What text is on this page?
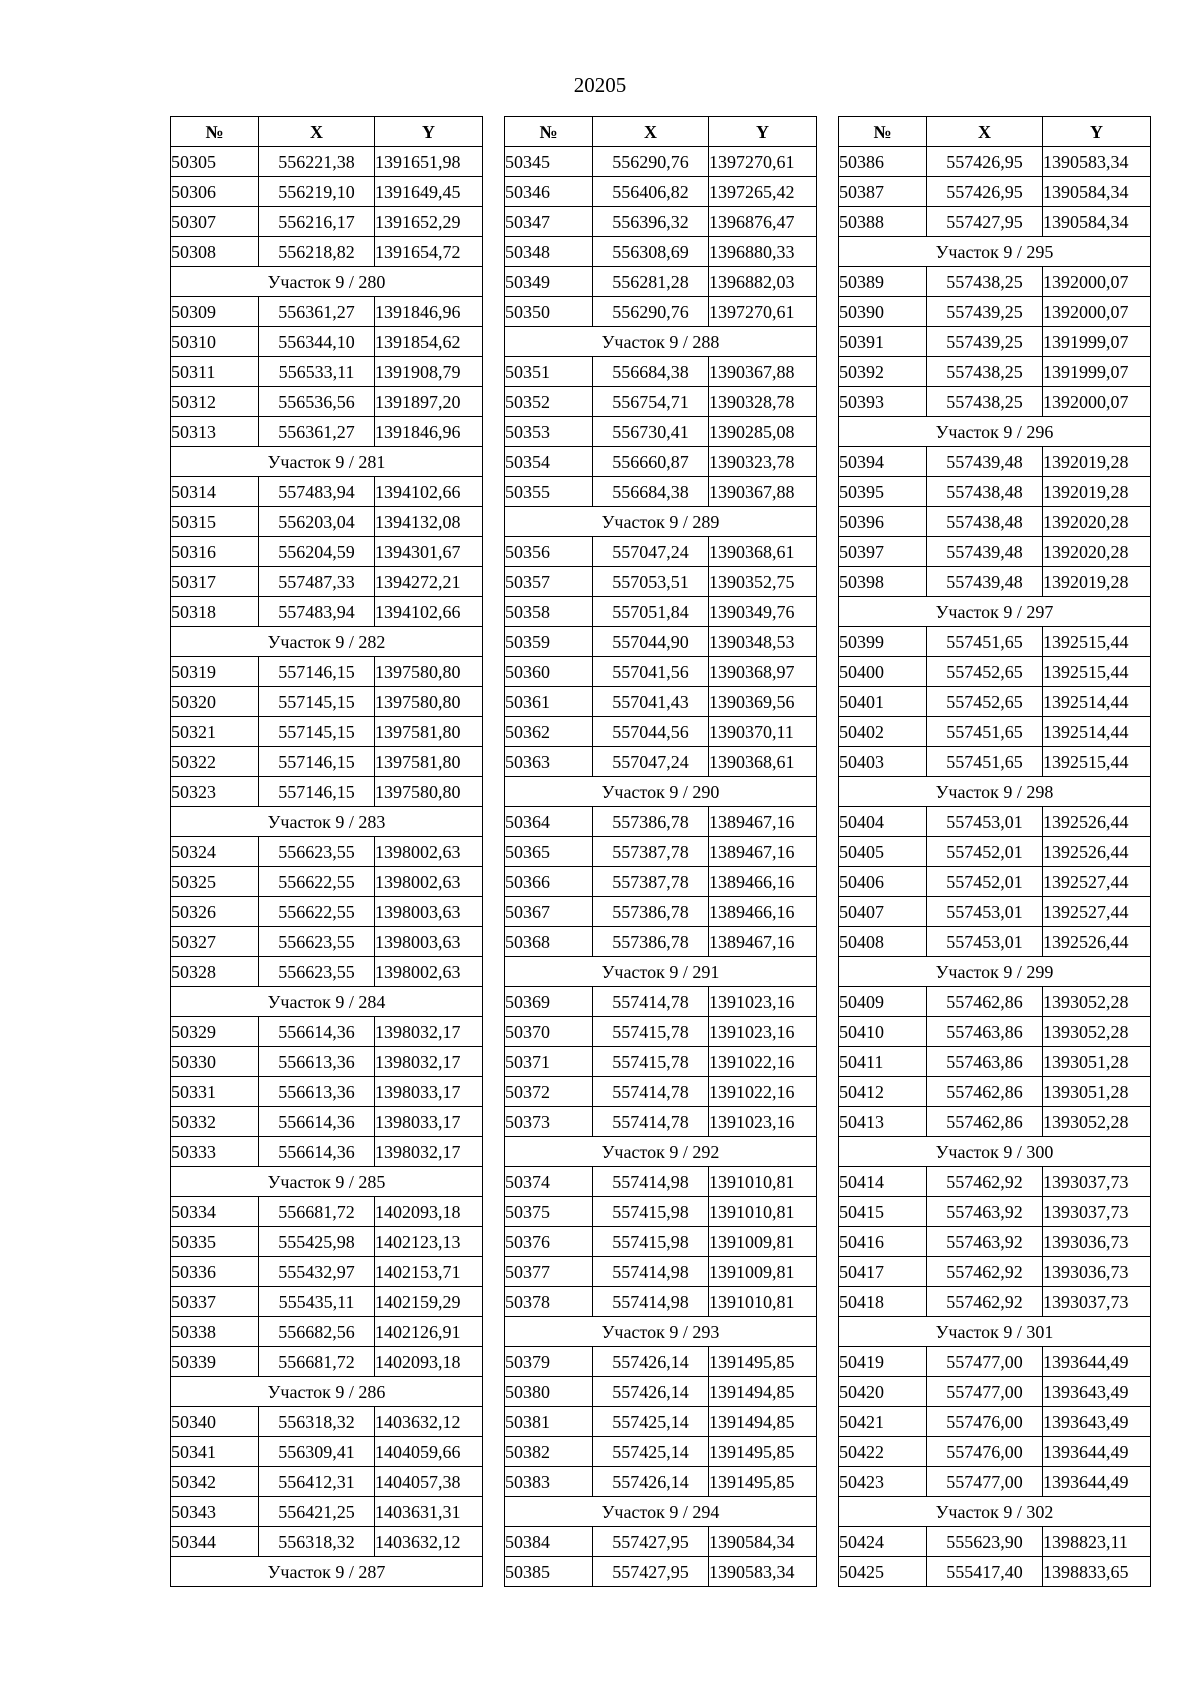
20205
№	X	Y
50305	556221,38	1391651,98
50306	556219,10	1391649,45
50307	556216,17	1391652,29
50308	556218,82	1391654,72
Участок 9 / 280		
50309	556361,27	1391846,96
50310	556344,10	1391854,62
50311	556533,11	1391908,79
50312	556536,56	1391897,20
50313	556361,27	1391846,96
Участок 9 / 281		
50314	557483,94	1394102,66
50315	556203,04	1394132,08
50316	556204,59	1394301,67
50317	557487,33	1394272,21
50318	557483,94	1394102,66
Участок 9 / 282		
50319	557146,15	1397580,80
50320	557145,15	1397580,80
50321	557145,15	1397581,80
50322	557146,15	1397581,80
50323	557146,15	1397580,80
Участок 9 / 283		
50324	556623,55	1398002,63
50325	556622,55	1398002,63
50326	556622,55	1398003,63
50327	556623,55	1398003,63
50328	556623,55	1398002,63
Участок 9 / 284		
50329	556614,36	1398032,17
50330	556613,36	1398032,17
50331	556613,36	1398033,17
50332	556614,36	1398033,17
50333	556614,36	1398032,17
Участок 9 / 285		
50334	556681,72	1402093,18
50335	555425,98	1402123,13
50336	555432,97	1402153,71
50337	555435,11	1402159,29
50338	556682,56	1402126,91
50339	556681,72	1402093,18
Участок 9 / 286		
50340	556318,32	1403632,12
50341	556309,41	1404059,66
50342	556412,31	1404057,38
50343	556421,25	1403631,31
50344	556318,32	1403632,12
Участок 9 / 287		
№	X	Y
50345	556290,76	1397270,61
50346	556406,82	1397265,42
50347	556396,32	1396876,47
50348	556308,69	1396880,33
50349	556281,28	1396882,03
50350	556290,76	1397270,61
Участок 9 / 288		
50351	556684,38	1390367,88
50352	556754,71	1390328,78
50353	556730,41	1390285,08
50354	556660,87	1390323,78
50355	556684,38	1390367,88
Участок 9 / 289		
50356	557047,24	1390368,61
50357	557053,51	1390352,75
50358	557051,84	1390349,76
50359	557044,90	1390348,53
50360	557041,56	1390368,97
50361	557041,43	1390369,56
50362	557044,56	1390370,11
50363	557047,24	1390368,61
Участок 9 / 290		
50364	557386,78	1389467,16
50365	557387,78	1389467,16
50366	557387,78	1389466,16
50367	557386,78	1389466,16
50368	557386,78	1389467,16
Участок 9 / 291		
50369	557414,78	1391023,16
50370	557415,78	1391023,16
50371	557415,78	1391022,16
50372	557414,78	1391022,16
50373	557414,78	1391023,16
Участок 9 / 292		
50374	557414,98	1391010,81
50375	557415,98	1391010,81
50376	557415,98	1391009,81
50377	557414,98	1391009,81
50378	557414,98	1391010,81
Участок 9 / 293		
50379	557426,14	1391495,85
50380	557426,14	1391494,85
50381	557425,14	1391494,85
50382	557425,14	1391495,85
50383	557426,14	1391495,85
Участок 9 / 294		
50384	557427,95	1390584,34
50385	557427,95	1390583,34
№	X	Y
50386	557426,95	1390583,34
50387	557426,95	1390584,34
50388	557427,95	1390584,34
Участок 9 / 295		
50389	557438,25	1392000,07
50390	557439,25	1392000,07
50391	557439,25	1391999,07
50392	557438,25	1391999,07
50393	557438,25	1392000,07
Участок 9 / 296		
50394	557439,48	1392019,28
50395	557438,48	1392019,28
50396	557438,48	1392020,28
50397	557439,48	1392020,28
50398	557439,48	1392019,28
Участок 9 / 297		
50399	557451,65	1392515,44
50400	557452,65	1392515,44
50401	557452,65	1392514,44
50402	557451,65	1392514,44
50403	557451,65	1392515,44
Участок 9 / 298		
50404	557453,01	1392526,44
50405	557452,01	1392526,44
50406	557452,01	1392527,44
50407	557453,01	1392527,44
50408	557453,01	1392526,44
Участок 9 / 299		
50409	557462,86	1393052,28
50410	557463,86	1393052,28
50411	557463,86	1393051,28
50412	557462,86	1393051,28
50413	557462,86	1393052,28
Участок 9 / 300		
50414	557462,92	1393037,73
50415	557463,92	1393037,73
50416	557463,92	1393036,73
50417	557462,92	1393036,73
50418	557462,92	1393037,73
Участок 9 / 301		
50419	557477,00	1393644,49
50420	557477,00	1393643,49
50421	557476,00	1393643,49
50422	557476,00	1393644,49
50423	557477,00	1393644,49
Участок 9 / 302		
50424	555623,90	1398823,11
50425	555417,40	1398833,65
